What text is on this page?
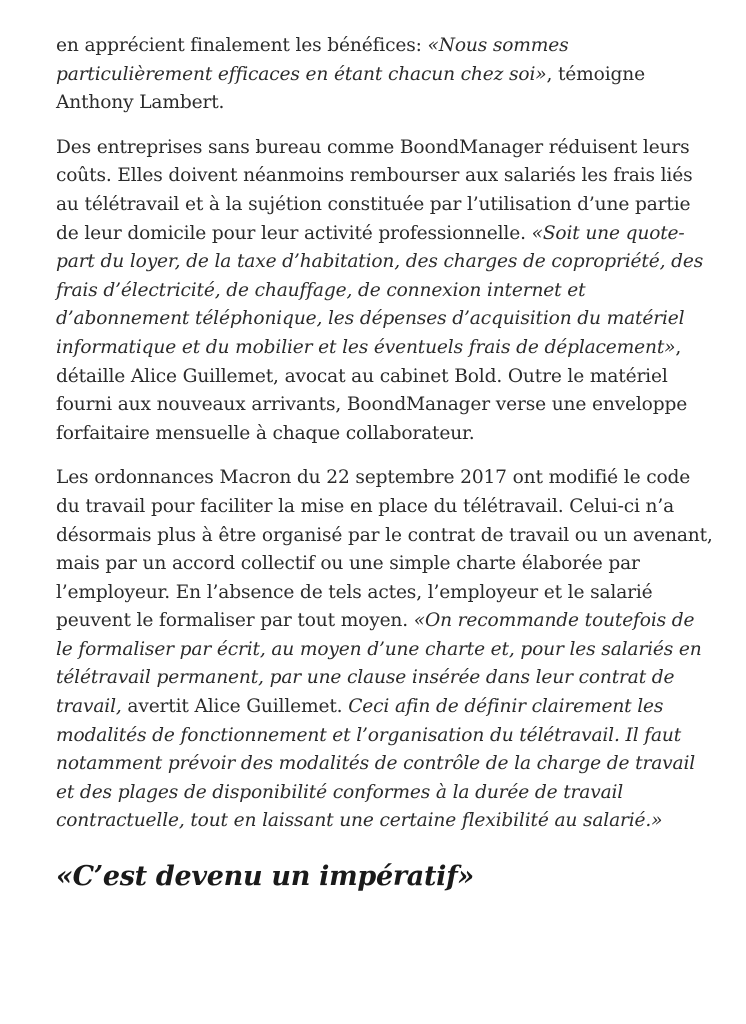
en apprécient finalement les bénéfices: «Nous sommes particulièrement efficaces en étant chacun chez soi», témoigne Anthony Lambert.

Des entreprises sans bureau comme BoondManager réduisent leurs coûts. Elles doivent néanmoins rembourser aux salariés les frais liés au télétravail et à la sujétion constituée par l’utilisation d’une partie de leur domicile pour leur activité professionnelle. «Soit une quote-part du loyer, de la taxe d’habitation, des charges de copropriété, des frais d’électricité, de chauffage, de connexion internet et d’abonnement téléphonique, les dépenses d’acquisition du matériel informatique et du mobilier et les éventuels frais de déplacement», détaille Alice Guillemet, avocat au cabinet Bold. Outre le matériel fourni aux nouveaux arrivants, BoondManager verse une enveloppe forfaitaire mensuelle à chaque collaborateur.

Les ordonnances Macron du 22 septembre 2017 ont modifié le code du travail pour faciliter la mise en place du télétravail. Celui-ci n’a désormais plus à être organisé par le contrat de travail ou un avenant, mais par un accord collectif ou une simple charte élaborée par l’employeur. En l’absence de tels actes, l’employeur et le salarié peuvent le formaliser par tout moyen. «On recommande toutefois de le formaliser par écrit, au moyen d’une charte et, pour les salariés en télétravail permanent, par une clause insérée dans leur contrat de travail, avertit Alice Guillemet. Ceci afin de définir clairement les modalités de fonctionnement et l’organisation du télétravail. Il faut notamment prévoir des modalités de contrôle de la charge de travail et des plages de disponibilité conformes à la durée de travail contractuelle, tout en laissant une certaine flexibilité au salarié.»

«C’est devenu un impératif»
